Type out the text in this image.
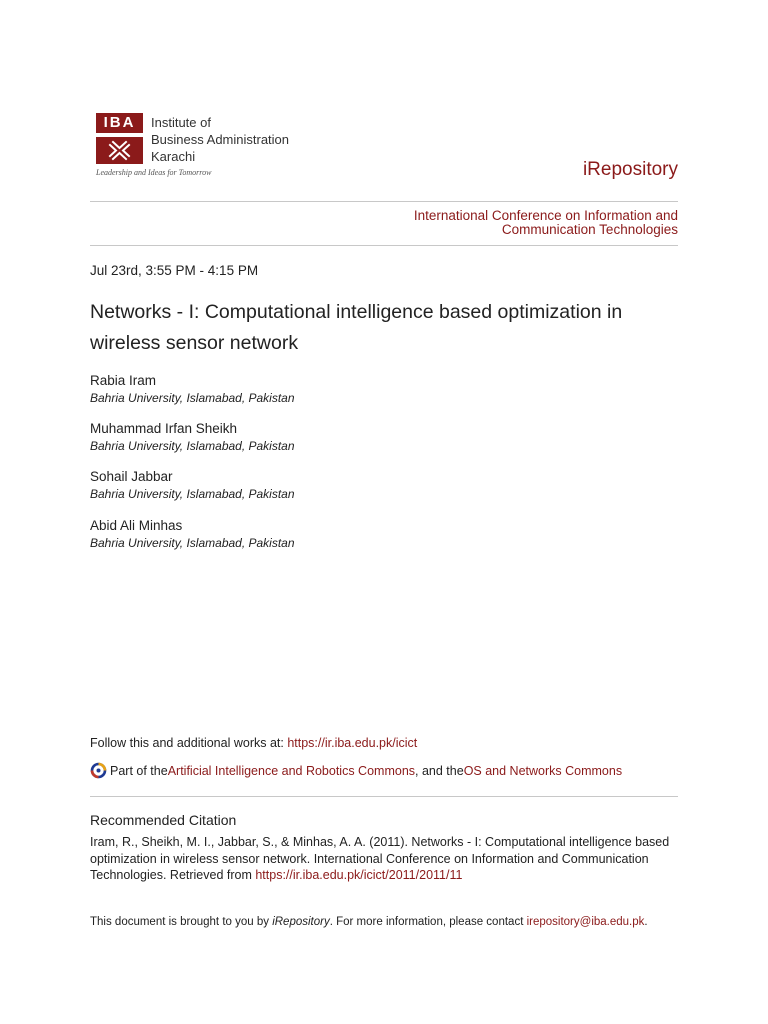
IBA	Institute of
Business Administration
Karachi
Leadership and Ideas for Tomorrow	iRepository
International Conference on Information and Communication Technologies
Jul 23rd, 3:55 PM - 4:15 PM
Networks - I: Computational intelligence based optimization in wireless sensor network
Rabia Iram
Bahria University, Islamabad, Pakistan
Muhammad Irfan Sheikh
Bahria University, Islamabad, Pakistan
Sohail Jabbar
Bahria University, Islamabad, Pakistan
Abid Ali Minhas
Bahria University, Islamabad, Pakistan
Follow this and additional works at: https://ir.iba.edu.pk/icict
Part of the Artificial Intelligence and Robotics Commons , and the OS and Networks Commons
Recommended Citation
Iram, R., Sheikh, M. I., Jabbar, S., & Minhas, A. A. (2011). Networks - I: Computational intelligence based optimization in wireless sensor network. International Conference on Information and Communication Technologies. Retrieved from https://ir.iba.edu.pk/icict/2011/2011/11
This document is brought to you by iRepository. For more information, please contact irepository@iba.edu.pk.
